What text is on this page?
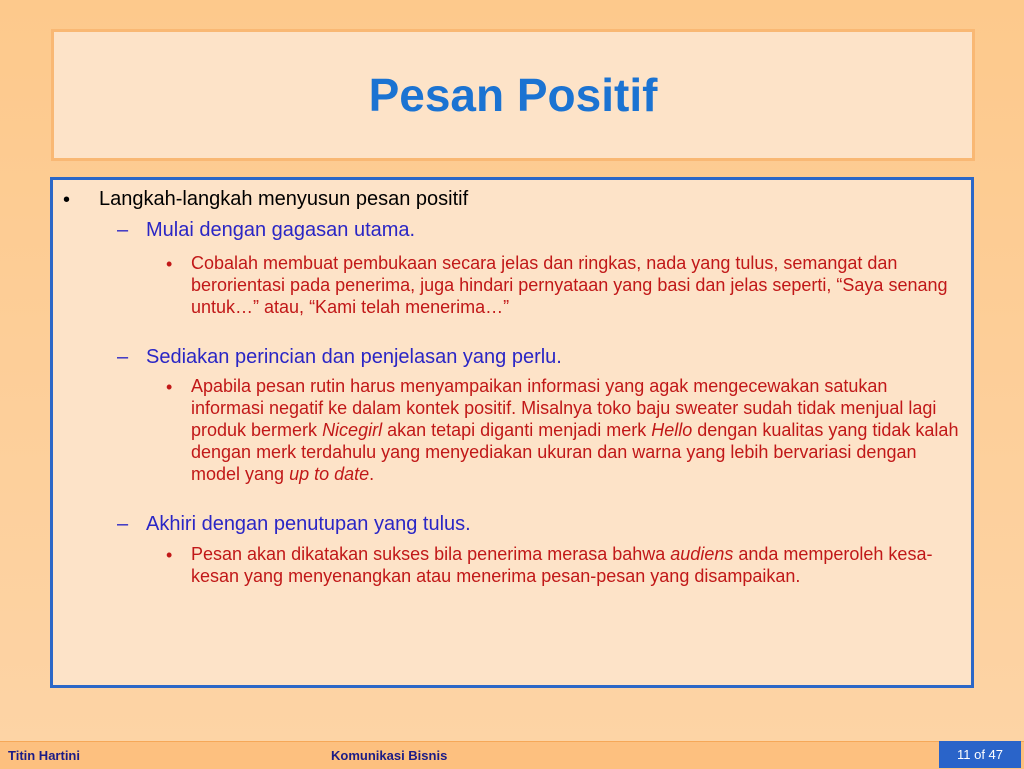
Pesan Positif
• Langkah-langkah menyusun pesan positif
– Mulai dengan gagasan utama.
• Cobalah membuat pembukaan secara jelas dan ringkas, nada yang tulus, semangat dan berorientasi pada penerima, juga hindari pernyataan yang basi dan jelas seperti, “Saya senang untuk…” atau, “Kami telah menerima…”
– Sediakan perincian dan penjelasan yang perlu.
• Apabila pesan rutin harus menyampaikan informasi yang agak mengecewakan satukan informasi negatif ke dalam kontek positif. Misalnya toko baju sweater sudah tidak menjual lagi produk bermerk Nicegirl akan tetapi diganti menjadi merk Hello dengan kualitas yang tidak kalah dengan merk terdahulu yang menyediakan ukuran dan warna yang lebih bervariasi dengan model yang up to date.
– Akhiri dengan penutupan yang tulus.
• Pesan akan dikatakan sukses bila penerima merasa bahwa audiens anda memperoleh kesa-kesan yang menyenangkan atau menerima pesan-pesan yang disampaikan.
Titin Hartini	Komunikasi Bisnis	11 of 47
